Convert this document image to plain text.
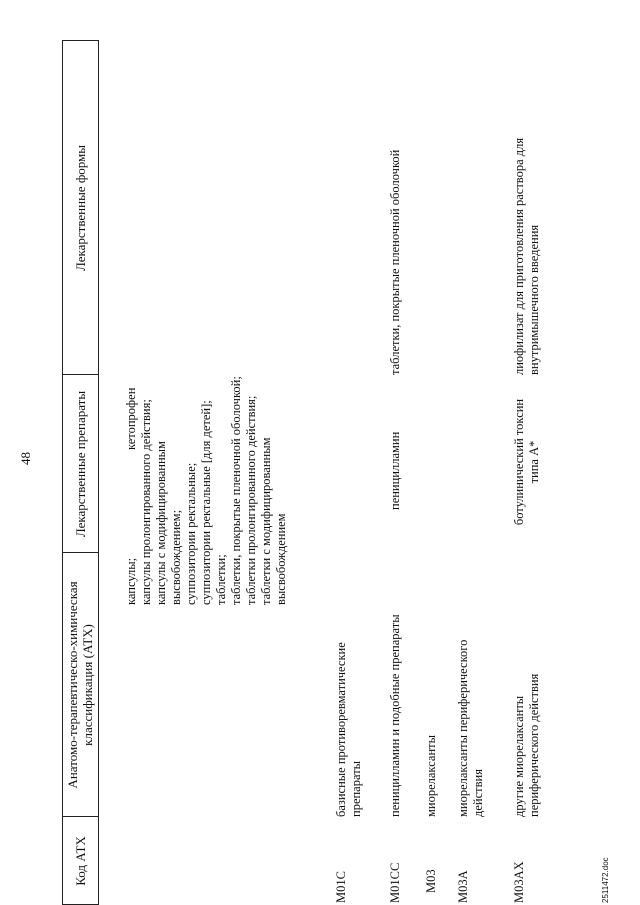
48
Код АТХ
Анатомо-терапевтическо-химическая
классификация (АТХ)
Лекарственные препараты
Лекарственные формы
кетопрофен
капсулы;
капсулы пролонгированного действия;
капсулы с модифицированным
высвобождением;
суппозитории ректальные;
суппозитории ректальные [для детей];
таблетки;
таблетки, покрытые пленочной оболочкой;
таблетки пролонгированного действия;
таблетки с модифицированным
высвобождением
M01C
базисные противоревматические
препараты
M01CC
пеницилламин и подобные препараты
пеницилламин
таблетки, покрытые пленочной оболочкой
M03
миорелаксанты
M03A
миорелаксанты периферического
действия
M03AX
другие миорелаксанты
периферического действия
ботулинический токсин
типа А*
лиофилизат для приготовления раствора для
внутримышечного введения
2511472.doc
